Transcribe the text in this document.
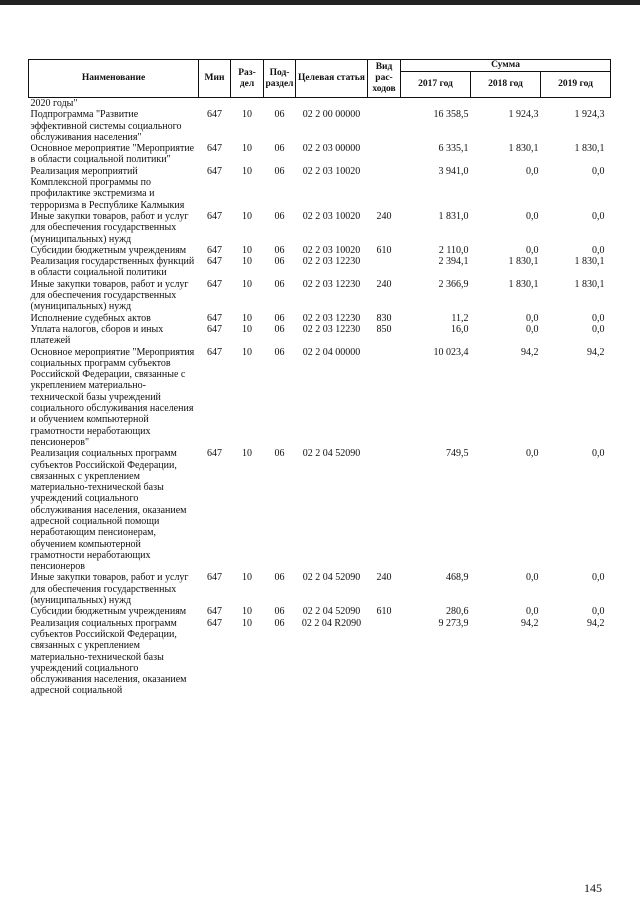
Наименование	Мин	Раз-дел	Под-раздел	Целевая статья	Вид рас-ходов	Сумма		
						2017 год	2018 год	2019 год
2020 годы"								
Подпрограмма "Развитие эффективной системы социального обслуживания населения"	647	10	06	02 2 00 00000		16 358,5	1 924,3	1 924,3
Основное мероприятие "Мероприятие в области социальной политики"	647	10	06	02 2 03 00000		6 335,1	1 830,1	1 830,1
Реализация мероприятий Комплексной программы по профилактике экстремизма и терроризма в Республике Калмыкия	647	10	06	02 2 03 10020		3 941,0	0,0	0,0
Иные закупки товаров, работ и услуг для обеспечения государственных (муниципальных) нужд	647	10	06	02 2 03 10020	240	1 831,0	0,0	0,0
Субсидии бюджетным учреждениям	647	10	06	02 2 03 10020	610	2 110,0	0,0	0,0
Реализация государственных функций в области социальной политики	647	10	06	02 2 03 12230		2 394,1	1 830,1	1 830,1
Иные закупки товаров, работ и услуг для обеспечения государственных (муниципальных) нужд	647	10	06	02 2 03 12230	240	2 366,9	1 830,1	1 830,1
Исполнение судебных актов	647	10	06	02 2 03 12230	830	11,2	0,0	0,0
Уплата налогов, сборов и иных платежей	647	10	06	02 2 03 12230	850	16,0	0,0	0,0
Основное мероприятие "Мероприятия социальных программ субъектов Российской Федерации, связанные с укреплением материально-технической базы учреждений социального обслуживания населения и обучением компьютерной грамотности неработающих пенсионеров"	647	10	06	02 2 04 00000		10 023,4	94,2	94,2
Реализация социальных программ субъектов Российской Федерации, связанных с укреплением материально-технической базы учреждений социального обслуживания населения, оказанием адресной социальной помощи неработающим пенсионерам, обучением компьютерной грамотности неработающих пенсионеров	647	10	06	02 2 04 52090		749,5	0,0	0,0
Иные закупки товаров, работ и услуг для обеспечения государственных (муниципальных) нужд	647	10	06	02 2 04 52090	240	468,9	0,0	0,0
Субсидии бюджетным учреждениям	647	10	06	02 2 04 52090	610	280,6	0,0	0,0
Реализация социальных программ субъектов Российской Федерации, связанных с укреплением материально-технической базы учреждений социального обслуживания населения, оказанием адресной социальной	647	10	06	02 2 04 R2090		9 273,9	94,2	94,2
145
